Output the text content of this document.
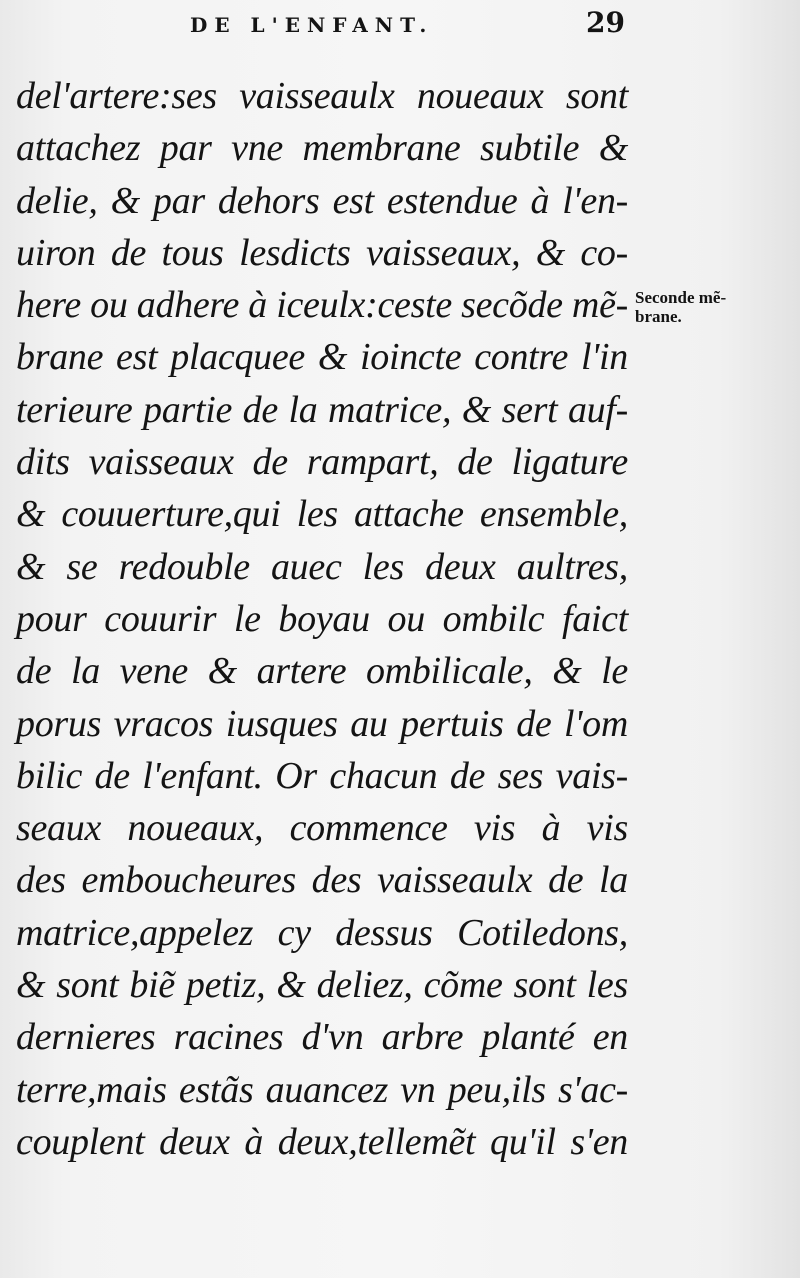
DE L'ENFANT.	29
del'artere:ses vaisseaulx noueaux sont
attachez par vne membrane subtile &
delie, & par dehors est estendue à l'en-
uiron de tous lesdicts vaisseaux, & co-
here ou adhere à iceulx:ceste secõde mẽ-
brane est placquee & ioincte contre l'in
terieure partie de la matrice, & sert auf-
dits vaisseaux de rampart, de ligature
& couuerture,qui les attache ensemble,
& se redouble auec les deux aultres,
pour couurir le boyau ou ombilc faict
de la vene & artere ombilicale, & le
porus vracos iusques au pertuis de l'om
bilic de l'enfant. Or chacun de ses vais-
seaux noueaux, commence vis à vis
des emboucheures des vaisseaulx de la
matrice,appelez cy dessus Cotiledons,
& sont biẽ petiz, & deliez, cõme sont les
dernieres racines d'vn arbre planté en
terre,mais estãs auancez vn peu,ils s'ac-
couplent deux à deux,tellemẽt qu'il s'en
Seconde mẽ-
brane.
